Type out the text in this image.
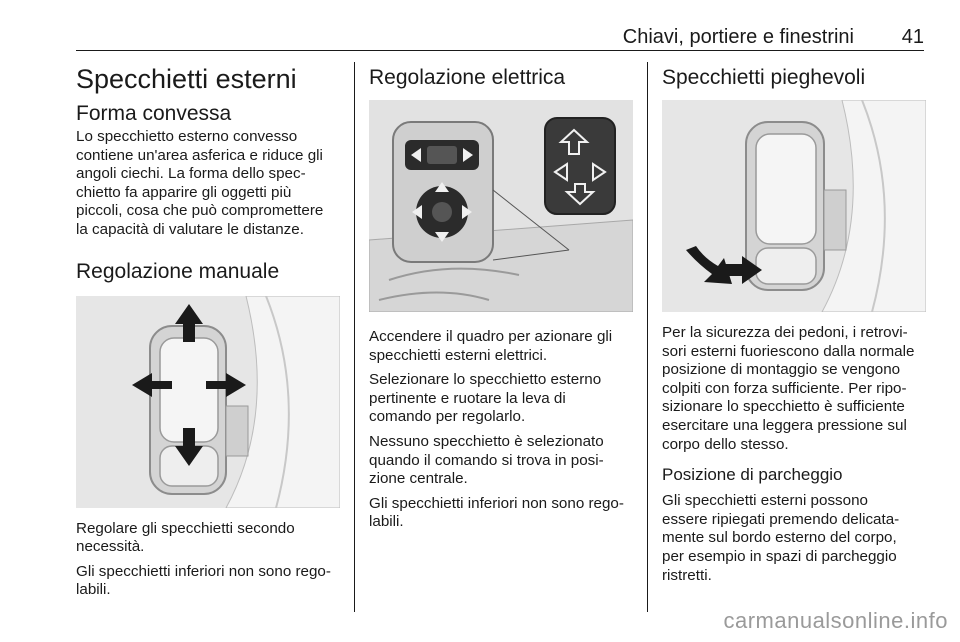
Chiavi, portiere e finestrini 41
Specchietti esterni
Forma convessa

Lo specchietto esterno convesso
contiene un'area asferica e riduce gli
angoli ciechi. La forma dello spec-
chietto fa apparire gli oggetti più
piccoli, cosa che può compromettere
la capacità di valutare le distanze.

Regolazione manuale

Regolare gli specchietti secondo
necessità.

Gli specchietti inferiori non sono rego-
labili.

Regolazione elettrica

Accendere il quadro per azionare gli
specchietti esterni elettrici.

Selezionare lo specchietto esterno
pertinente e ruotare la leva di
comando per regolarlo.

Nessuno specchietto è selezionato
quando il comando si trova in posi-
zione centrale.

Gli specchietti inferiori non sono rego-
labili.

Specchietti pieghevoli

Per la sicurezza dei pedoni, i retrovi-
sori esterni fuoriescono dalla normale
posizione di montaggio se vengono
colpiti con forza sufficiente. Per ripo-
sizionare lo specchietto è sufficiente
esercitare una leggera pressione sul
corpo dello stesso.

Posizione di parcheggio

Gli specchietti esterni possono
essere ripiegati premendo delicata-
mente sul bordo esterno del corpo,
per esempio in spazi di parcheggio
ristretti.

carmanualsonline.info
